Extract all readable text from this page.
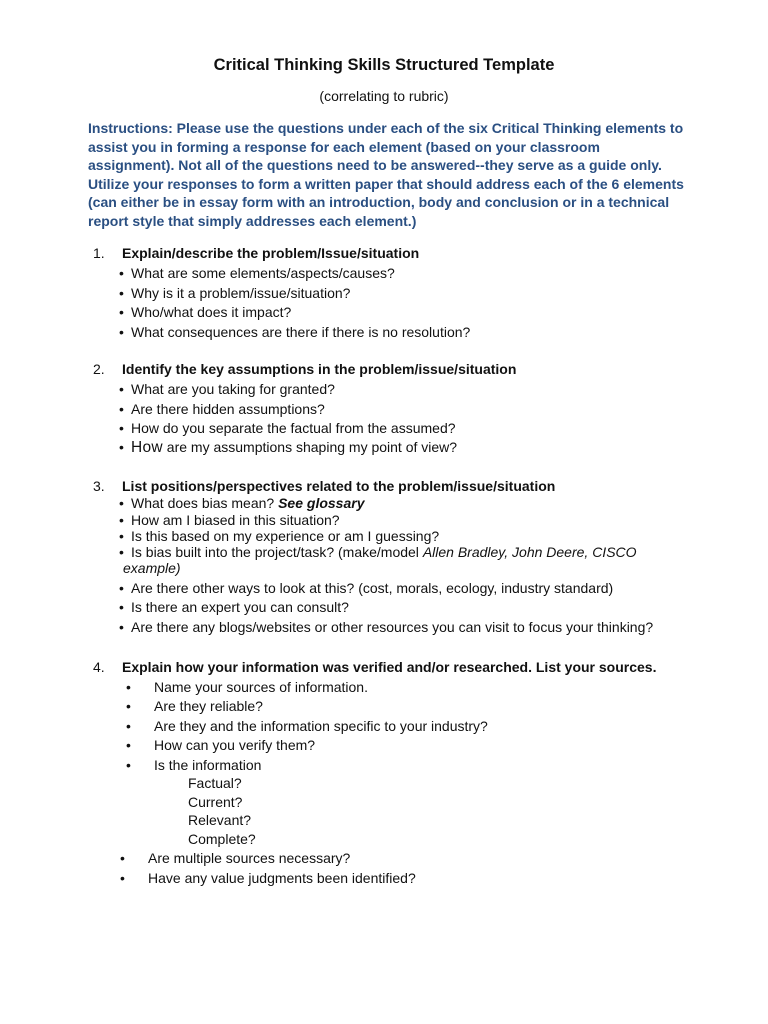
Critical Thinking Skills Structured Template
(correlating to rubric)
Instructions: Please use the questions under each of the six Critical Thinking elements to assist you in forming a response for each element (based on your classroom assignment). Not all of the questions need to be answered--they serve as a guide only. Utilize your responses to form a written paper that should address each of the 6 elements (can either be in essay form with an introduction, body and conclusion or in a technical report style that simply addresses each element.)
1.	Explain/describe the problem/Issue/situation
• What are some elements/aspects/causes?
• Why is it a problem/issue/situation?
• Who/what does it impact?
• What consequences are there if there is no resolution?
2.	Identify the key assumptions in the problem/issue/situation
• What are you taking for granted?
• Are there hidden assumptions?
• How do you separate the factual from the assumed?
• How are my assumptions shaping my point of view?
3.	List positions/perspectives related to the problem/issue/situation
• What does bias mean? See glossary
• How am I biased in this situation?
• Is this based on my experience or am I guessing?
• Is bias built into the project/task? (make/model Allen Bradley, John Deere, CISCO
example)
• Are there other ways to look at this? (cost, morals, ecology, industry standard)
• Is there an expert you can consult?
• Are there any blogs/websites or other resources you can visit to focus your thinking?
4.	Explain how your information was verified and/or researched. List your sources.
• Name your sources of information.
• Are they reliable?
• Are they and the information specific to your industry?
• How can you verify them?
• Is the information
Factual?
Current?
Relevant?
Complete?
• Are multiple sources necessary?
• Have any value judgments been identified?
